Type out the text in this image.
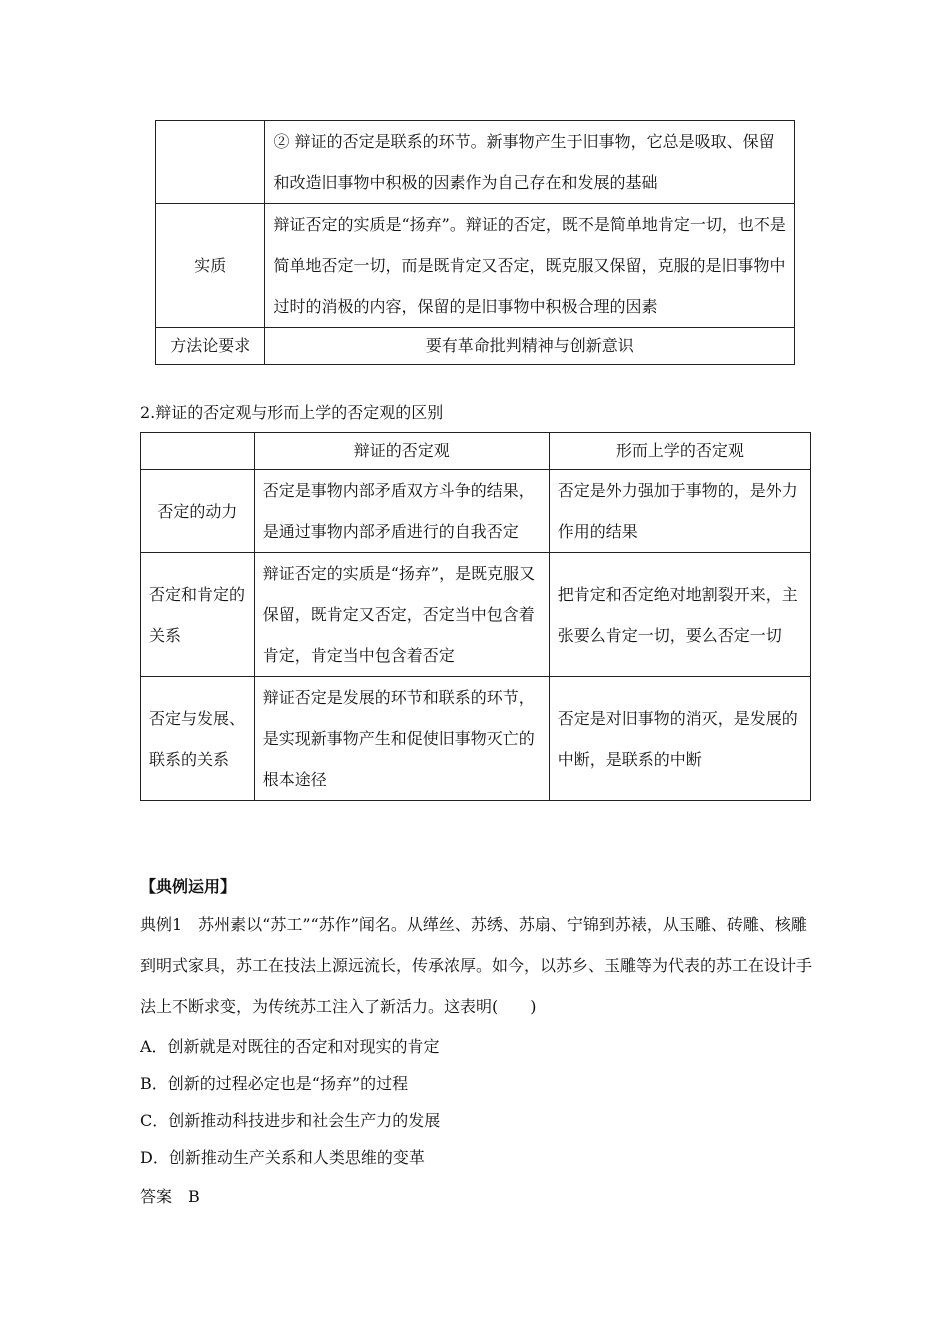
	② 辩证的否定是联系的环节。新事物产生于旧事物，它总是吸取、保留和改造旧事物中积极的因素作为自己存在和发展的基础
实质	辩证否定的实质是“扬弃”。辩证的否定，既不是简单地肯定一切，也不是简单地否定一切，而是既肯定又否定，既克服又保留，克服的是旧事物中过时的消极的内容，保留的是旧事物中积极合理的因素
方法论要求	要有革命批判精神与创新意识
2.辩证的否定观与形而上学的否定观的区别
	辩证的否定观	形而上学的否定观
否定的动力	否定是事物内部矛盾双方斗争的结果，是通过事物内部矛盾进行的自我否定	否定是外力强加于事物的，是外力作用的结果
否定和肯定的关系	辩证否定的实质是“扬弃”，是既克服又保留，既肯定又否定，否定当中包含着肯定，肯定当中包含着否定	把肯定和否定绝对地割裂开来，主张要么肯定一切，要么否定一切
否定与发展、联系的关系	辩证否定是发展的环节和联系的环节，是实现新事物产生和促使旧事物灭亡的根本途径	否定是对旧事物的消灭，是发展的中断，是联系的中断
【典例运用】
典例1　苏州素以“苏工”“苏作”闻名。从缂丝、苏绣、苏扇、宁锦到苏裱，从玉雕、砖雕、核雕到明式家具，苏工在技法上源远流长，传承浓厚。如今，以苏乡、玉雕等为代表的苏工在设计手法上不断求变，为传统苏工注入了新活力。这表明(　　)
A．创新就是对既往的否定和对现实的肯定
B．创新的过程必定也是“扬弃”的过程
C．创新推动科技进步和社会生产力的发展
D．创新推动生产关系和人类思维的变革
答案　B
